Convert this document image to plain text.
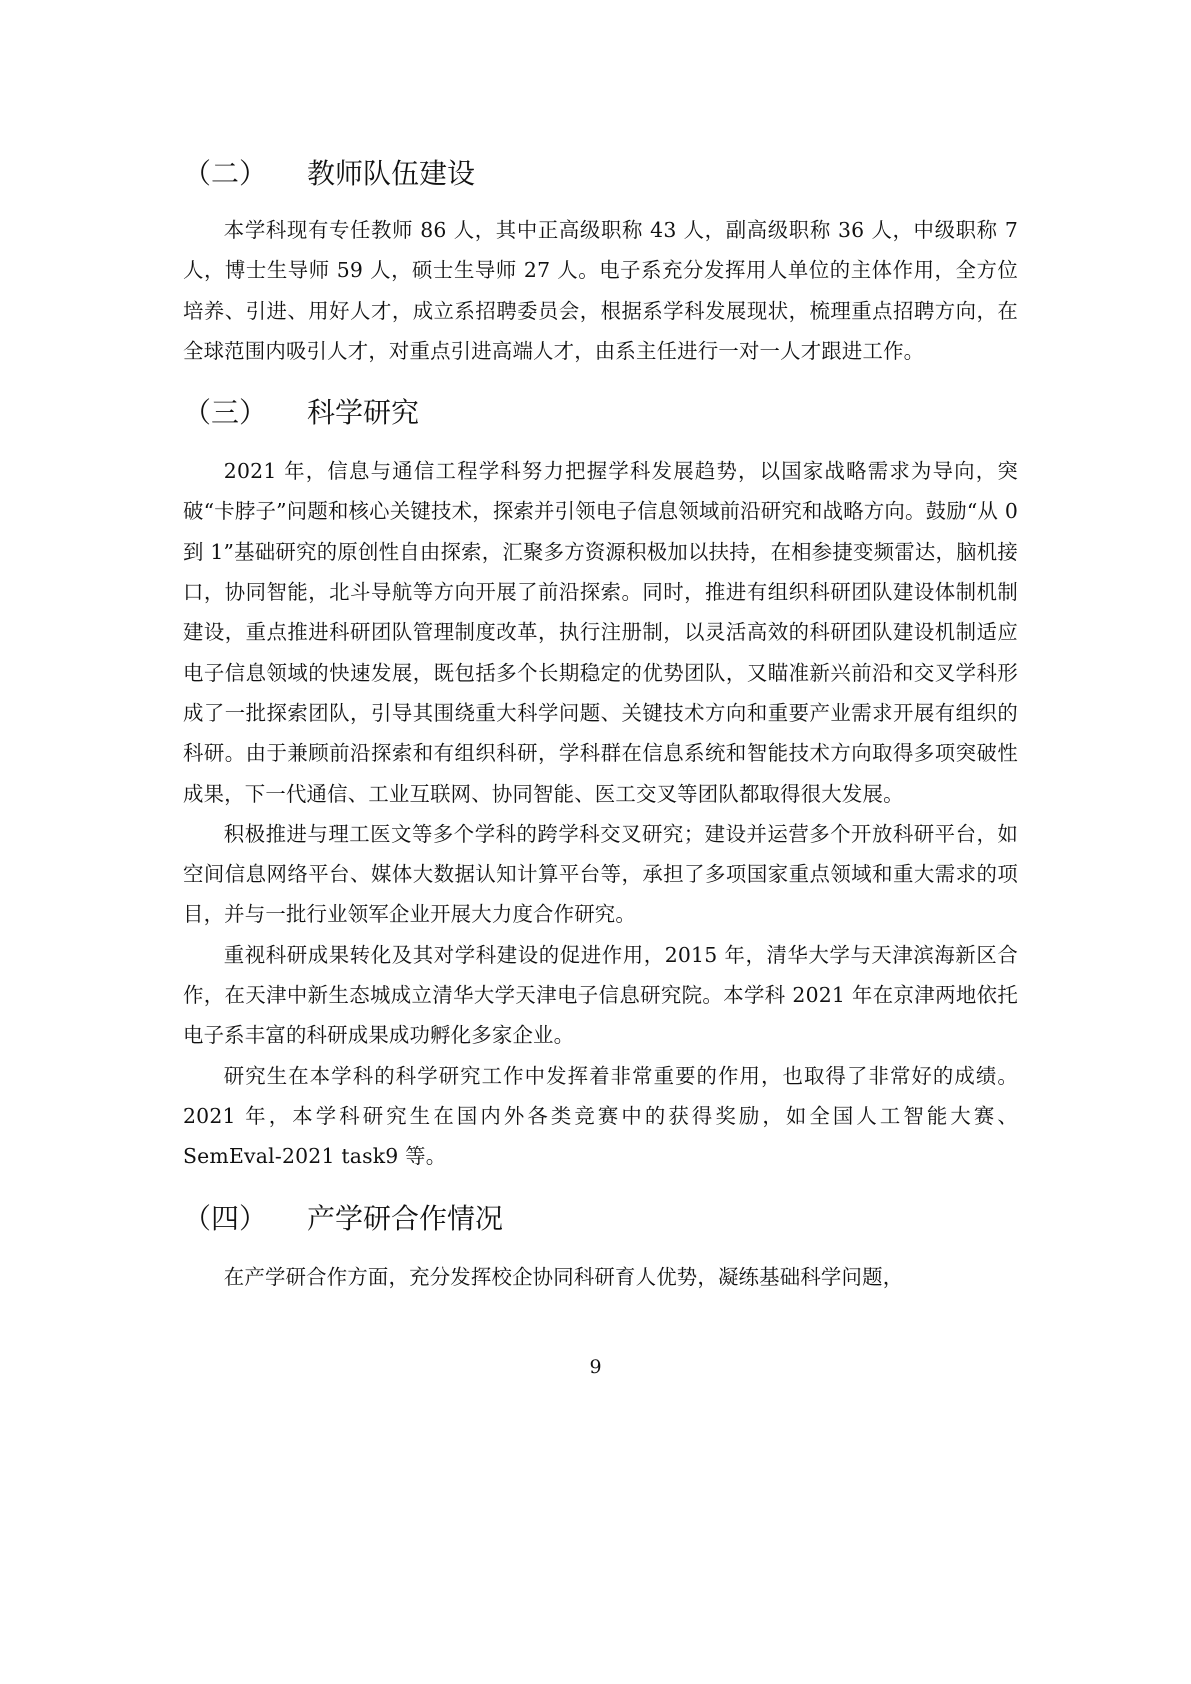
（二）	教师队伍建设

本学科现有专任教师 86 人，其中正高级职称 43 人，副高级职称 36 人，中级职称 7 人，博士生导师 59 人，硕士生导师 27 人。电子系充分发挥用人单位的主体作用，全方位培养、引进、用好人才，成立系招聘委员会，根据系学科发展现状，梳理重点招聘方向，在全球范围内吸引人才，对重点引进高端人才，由系主任进行一对一人才跟进工作。

（三）	科学研究

2021 年，信息与通信工程学科努力把握学科发展趋势，以国家战略需求为导向，突破“卡脖子”问题和核心关键技术，探索并引领电子信息领域前沿研究和战略方向。鼓励“从 0 到 1”基础研究的原创性自由探索，汇聚多方资源积极加以扶持，在相参捷变频雷达，脑机接口，协同智能，北斗导航等方向开展了前沿探索。同时，推进有组织科研团队建设体制机制建设，重点推进科研团队管理制度改革，执行注册制，以灵活高效的科研团队建设机制适应电子信息领域的快速发展，既包括多个长期稳定的优势团队，又瞄准新兴前沿和交叉学科形成了一批探索团队，引导其围绕重大科学问题、关键技术方向和重要产业需求开展有组织的科研。由于兼顾前沿探索和有组织科研，学科群在信息系统和智能技术方向取得多项突破性成果，下一代通信、工业互联网、协同智能、医工交叉等团队都取得很大发展。

积极推进与理工医文等多个学科的跨学科交叉研究；建设并运营多个开放科研平台，如空间信息网络平台、媒体大数据认知计算平台等，承担了多项国家重点领域和重大需求的项目，并与一批行业领军企业开展大力度合作研究。

重视科研成果转化及其对学科建设的促进作用，2015 年，清华大学与天津滨海新区合作，在天津中新生态城成立清华大学天津电子信息研究院。本学科 2021 年在京津两地依托电子系丰富的科研成果成功孵化多家企业。

研究生在本学科的科学研究工作中发挥着非常重要的作用，也取得了非常好的成绩。2021 年，本学科研究生在国内外各类竞赛中的获得奖励，如全国人工智能大赛、SemEval-2021 task9 等。

（四）	产学研合作情况

在产学研合作方面，充分发挥校企协同科研育人优势，凝练基础科学问题，

9
